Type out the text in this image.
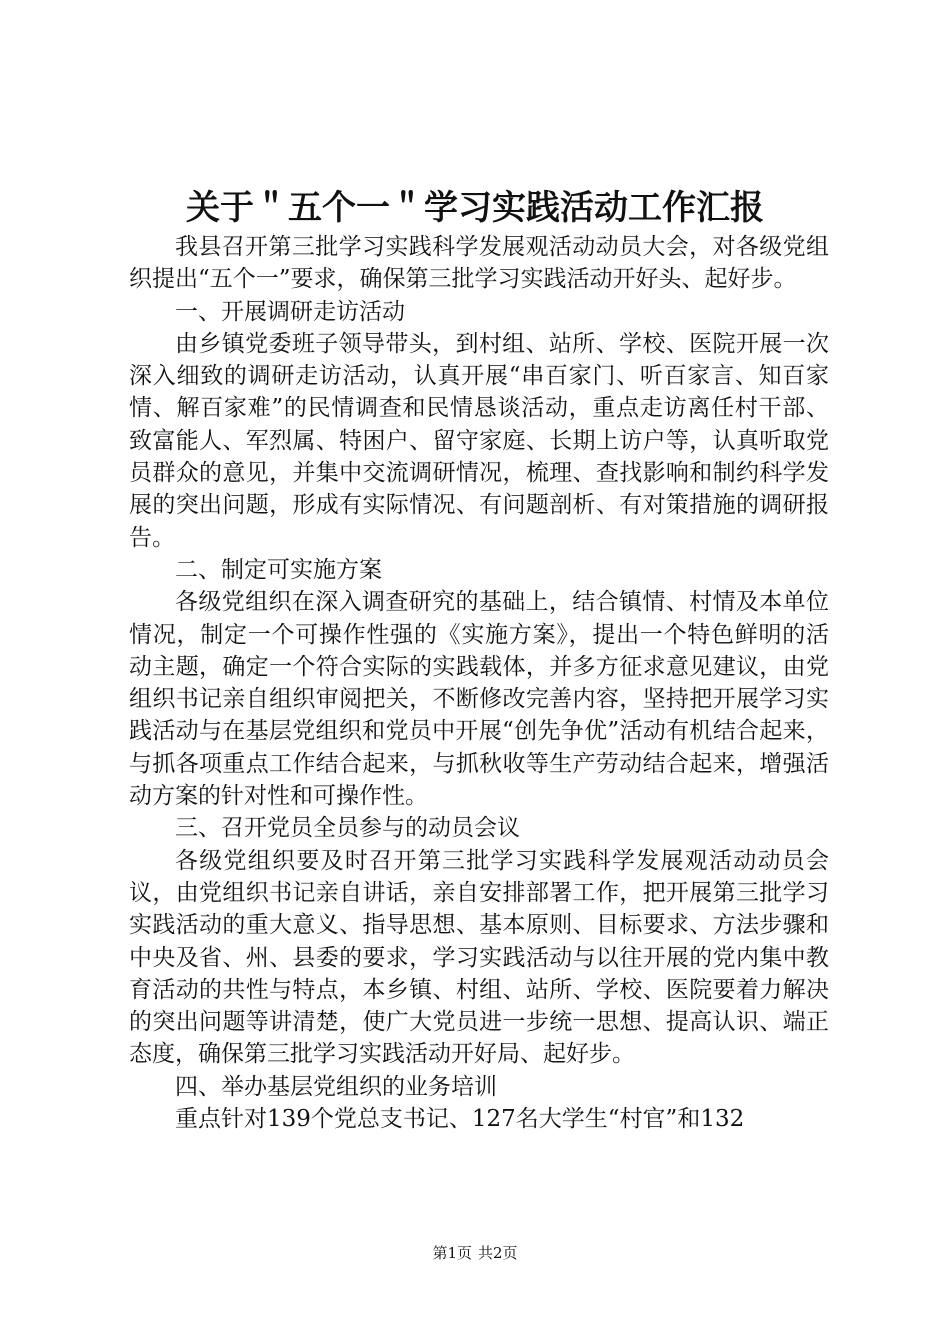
关于＂五个一＂学习实践活动工作汇报

我县召开第三批学习实践科学发展观活动动员大会，对各级党组织提出“五个一”要求，确保第三批学习实践活动开好头、起好步。

一、开展调研走访活动

由乡镇党委班子领导带头，到村组、站所、学校、医院开展一次深入细致的调研走访活动，认真开展“串百家门、听百家言、知百家情、解百家难”的民情调查和民情恳谈活动，重点走访离任村干部、致富能人、军烈属、特困户、留守家庭、长期上访户等，认真听取党员群众的意见，并集中交流调研情况，梳理、查找影响和制约科学发展的突出问题，形成有实际情况、有问题剖析、有对策措施的调研报告。

二、制定可实施方案

各级党组织在深入调查研究的基础上，结合镇情、村情及本单位情况，制定一个可操作性强的《实施方案》，提出一个特色鲜明的活动主题，确定一个符合实际的实践载体，并多方征求意见建议，由党组织书记亲自组织审阅把关，不断修改完善内容，坚持把开展学习实践活动与在基层党组织和党员中开展“创先争优”活动有机结合起来，与抓各项重点工作结合起来，与抓秋收等生产劳动结合起来，增强活动方案的针对性和可操作性。

三、召开党员全员参与的动员会议

各级党组织要及时召开第三批学习实践科学发展观活动动员会议，由党组织书记亲自讲话，亲自安排部署工作，把开展第三批学习实践活动的重大意义、指导思想、基本原则、目标要求、方法步骤和中央及省、州、县委的要求，学习实践活动与以往开展的党内集中教育活动的共性与特点，本乡镇、村组、站所、学校、医院要着力解决的突出问题等讲清楚，使广大党员进一步统一思想、提高认识、端正态度，确保第三批学习实践活动开好局、起好步。

四、举办基层党组织的业务培训

重点针对139个党总支书记、127名大学生“村官”和132

第1页 共2页
